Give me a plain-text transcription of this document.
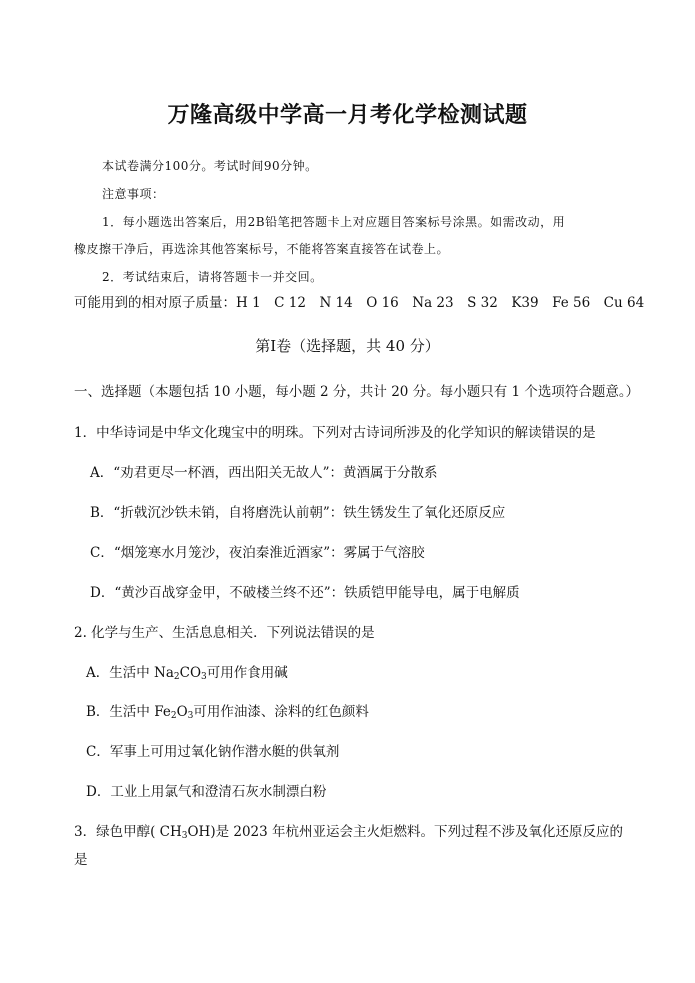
万隆高级中学高一月考化学检测试题
本试卷满分100分。考试时间90分钟。
注意事项：
1．每小题选出答案后，用2B铅笔把答题卡上对应题目答案标号涂黑。如需改动，用
橡皮擦干净后，再选涂其他答案标号，不能将答案直接答在试卷上。
2．考试结束后，请将答题卡一并交回。
可能用到的相对原子质量：H 1　C 12　N 14　O 16　Na 23　S 32　K39　Fe 56　Cu 64
第Ⅰ卷（选择题，共 40 分）
一、选择题（本题包括 10 小题，每小题 2 分，共计 20 分。每小题只有 1 个选项符合题意。）
1．中华诗词是中华文化瑰宝中的明珠。下列对古诗词所涉及的化学知识的解读错误的是
A．“劝君更尽一杯酒，西出阳关无故人”：黄酒属于分散系
B．“折戟沉沙铁未销，自将磨洗认前朝”：铁生锈发生了氧化还原反应
C．“烟笼寒水月笼沙，夜泊秦淮近酒家”：雾属于气溶胶
D．“黄沙百战穿金甲，不破楼兰终不还”：铁质铠甲能导电，属于电解质
2. 化学与生产、生活息息相关．下列说法错误的是
A．生活中 $Na_2CO_3$可用作食用碱
B．生活中 $Fe_2O_3$可用作油漆、涂料的红色颜料
C．军事上可用过氧化钠作潜水艇的供氧剂
D．工业上用氯气和澄清石灰水制漂白粉
3．绿色甲醇( $CH_3OH$)是 2023 年杭州亚运会主火炬燃料。下列过程不涉及氧化还原反应的
是
